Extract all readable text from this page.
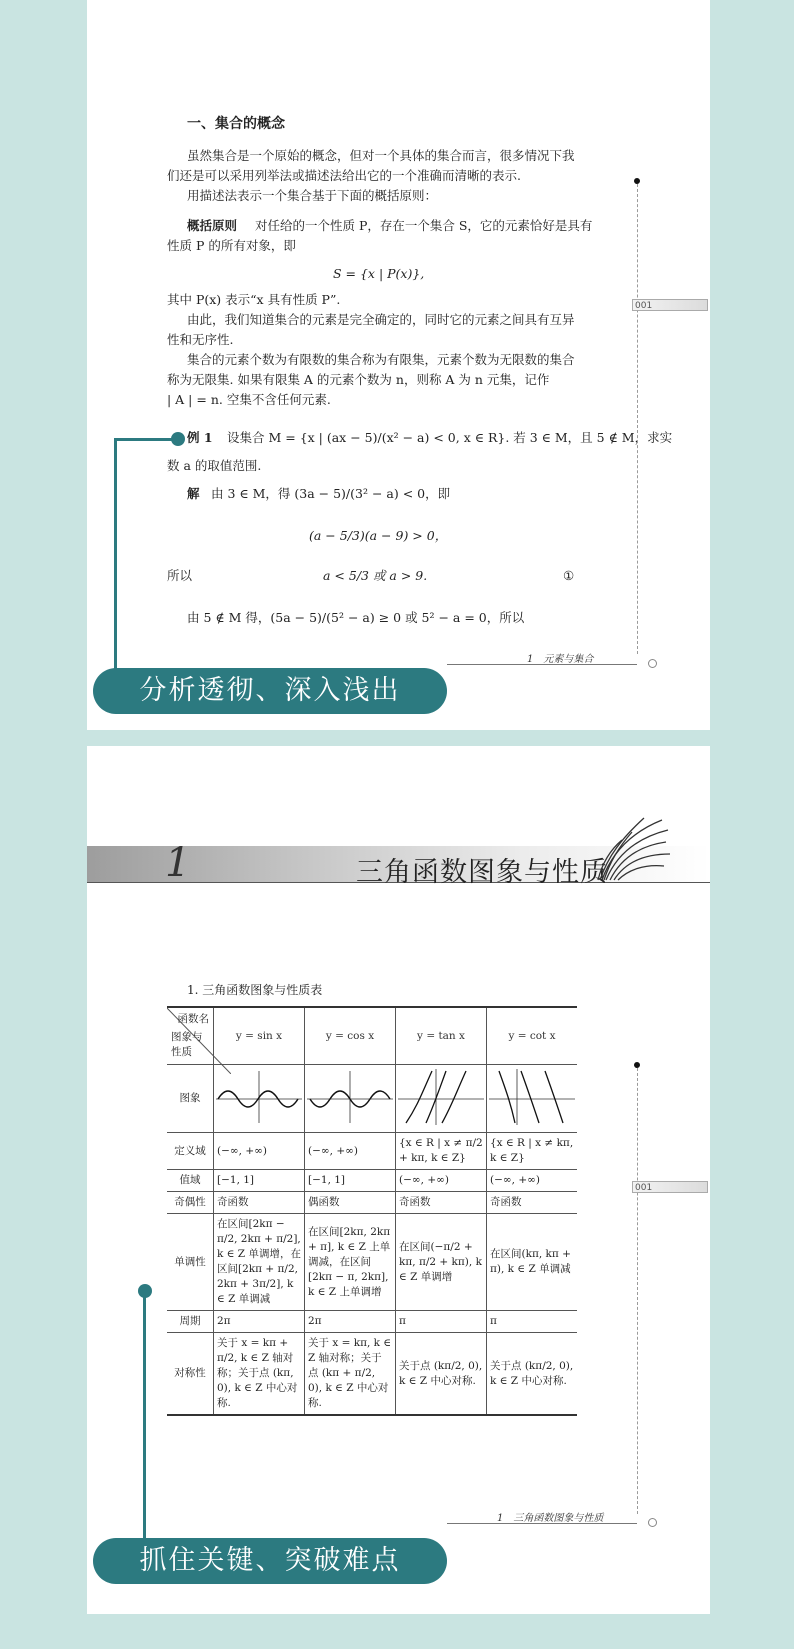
一、集合的概念
虽然集合是一个原始的概念，但对一个具体的集合而言，很多情况下我
们还是可以采用列举法或描述法给出它的一个准确而清晰的表示.
用描述法表示一个集合基于下面的概括原则：
概括原则 对任给的一个性质 P，存在一个集合 S，它的元素恰好是具有
性质 P 的所有对象，即
S = {x | P(x)},
其中 P(x) 表示“x 具有性质 P”.
由此，我们知道集合的元素是完全确定的，同时它的元素之间具有互异
性和无序性.
集合的元素个数为有限数的集合称为有限集，元素个数为无限数的集合
称为无限集. 如果有限集 A 的元素个数为 n，则称 A 为 n 元集，记作
| A | = n. 空集不含任何元素.
例 1 设集合 M = {x | (ax − 5)/(x² − a) < 0, x ∈ R}. 若 3 ∈ M，且 5 ∉ M，求实
数 a 的取值范围.
解 由 3 ∈ M，得 (3a − 5)/(3² − a) < 0，即
(a − 5/3)(a − 9) > 0，
所以	a < 5/3 或 a > 9.	①
由 5 ∉ M 得，(5a − 5)/(5² − a) ≥ 0 或 5² − a = 0，所以
001
1　元素与集合
分析透彻、深入浅出
1	三角函数图象与性质
1. 三角函数图象与性质表
函数名
图象与
性质	y = sin x	y = cos x	y = tan x	y = cot x
图象				
定义域	(−∞, +∞)	(−∞, +∞)	{x ∈ R | x ≠ π/2 + kπ, k ∈ Z}	{x ∈ R | x ≠ kπ, k ∈ Z}
值域	[−1, 1]	[−1, 1]	(−∞, +∞)	(−∞, +∞)
奇偶性	奇函数	偶函数	奇函数	奇函数
单调性	在区间[2kπ − π/2, 2kπ + π/2], k ∈ Z 单调增，在区间[2kπ + π/2, 2kπ + 3π/2], k ∈ Z 单调减	在区间[2kπ, 2kπ + π], k ∈ Z 上单调减，在区间[2kπ − π, 2kπ], k ∈ Z 上单调增	在区间(−π/2 + kπ, π/2 + kπ), k ∈ Z 单调增	在区间(kπ, kπ + π), k ∈ Z 单调减
周期	2π	2π	π	π
对称性	关于 x = kπ + π/2, k ∈ Z 轴对称；关于点 (kπ, 0), k ∈ Z 中心对称.	关于 x = kπ, k ∈ Z 轴对称；关于点 (kπ + π/2, 0), k ∈ Z 中心对称.	关于点 (kπ/2, 0), k ∈ Z 中心对称.	关于点 (kπ/2, 0), k ∈ Z 中心对称.
001
1　三角函数图象与性质
抓住关键、突破难点
